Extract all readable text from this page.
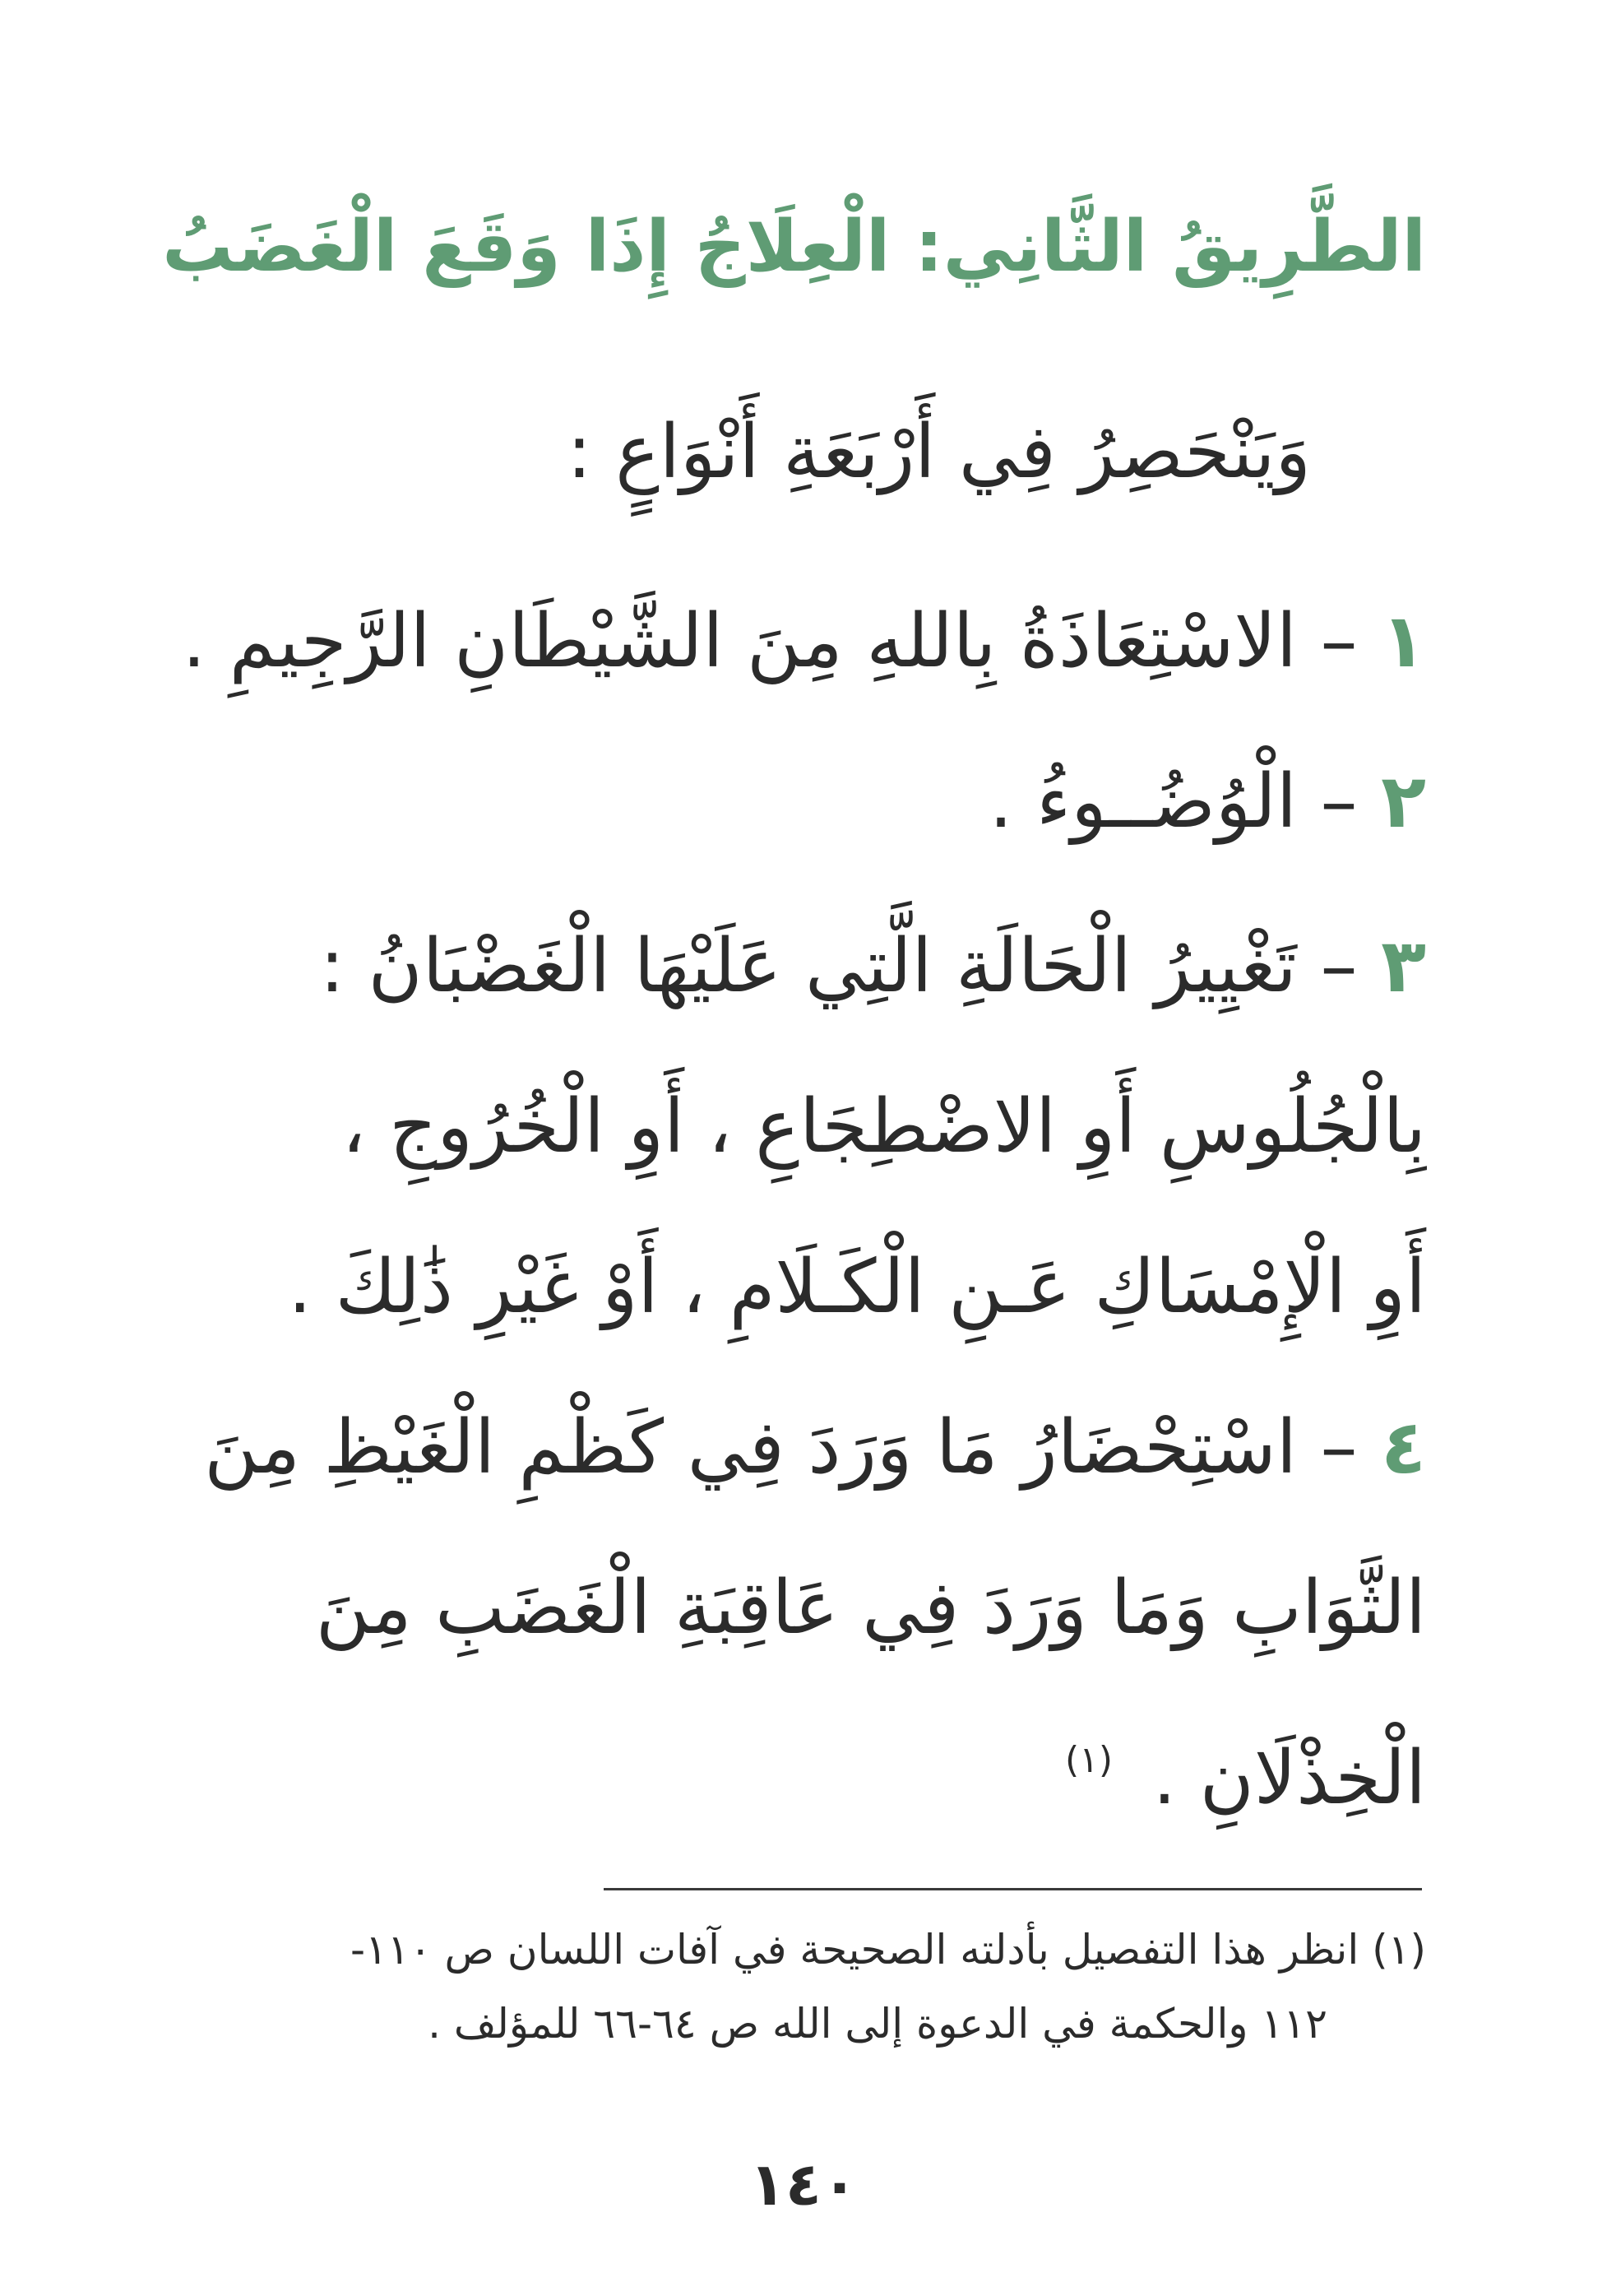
الطَّرِيقُ الثَّانِي: الْعِلَاجُ إِذَا وَقَعَ الْغَضَبُ
وَيَنْحَصِرُ فِي أَرْبَعَةِ أَنْوَاعٍ :
١ – الاسْتِعَاذَةُ بِاللهِ مِنَ الشَّيْطَانِ الرَّجِيمِ .
٢ – الْوُضُــوءُ .
٣ – تَغْيِيرُ الْحَالَةِ الَّتِي عَلَيْهَا الْغَضْبَانُ :
بِالْجُلُوسِ أَوِ الاضْطِجَاعِ ، أَوِ الْخُرُوجِ ،
أَوِ الْإِمْسَاكِ عَـنِ الْكَـلَامِ ، أَوْ غَيْرِ ذَٰلِكَ .
٤ – اسْتِحْضَارُ مَا وَرَدَ فِي كَظْمِ الْغَيْظِ مِنَ
الثَّوَابِ وَمَا وَرَدَ فِي عَاقِبَةِ الْغَضَبِ مِنَ
الْخِذْلَانِ . $^{(١)}$
(١) انظر هذا التفصيل بأدلته الصحيحة في آفات اللسان ص ١١٠-
١١٢ والحكمة في الدعوة إلى الله ص ٦٤-٦٦ للمؤلف .
١٤٠
